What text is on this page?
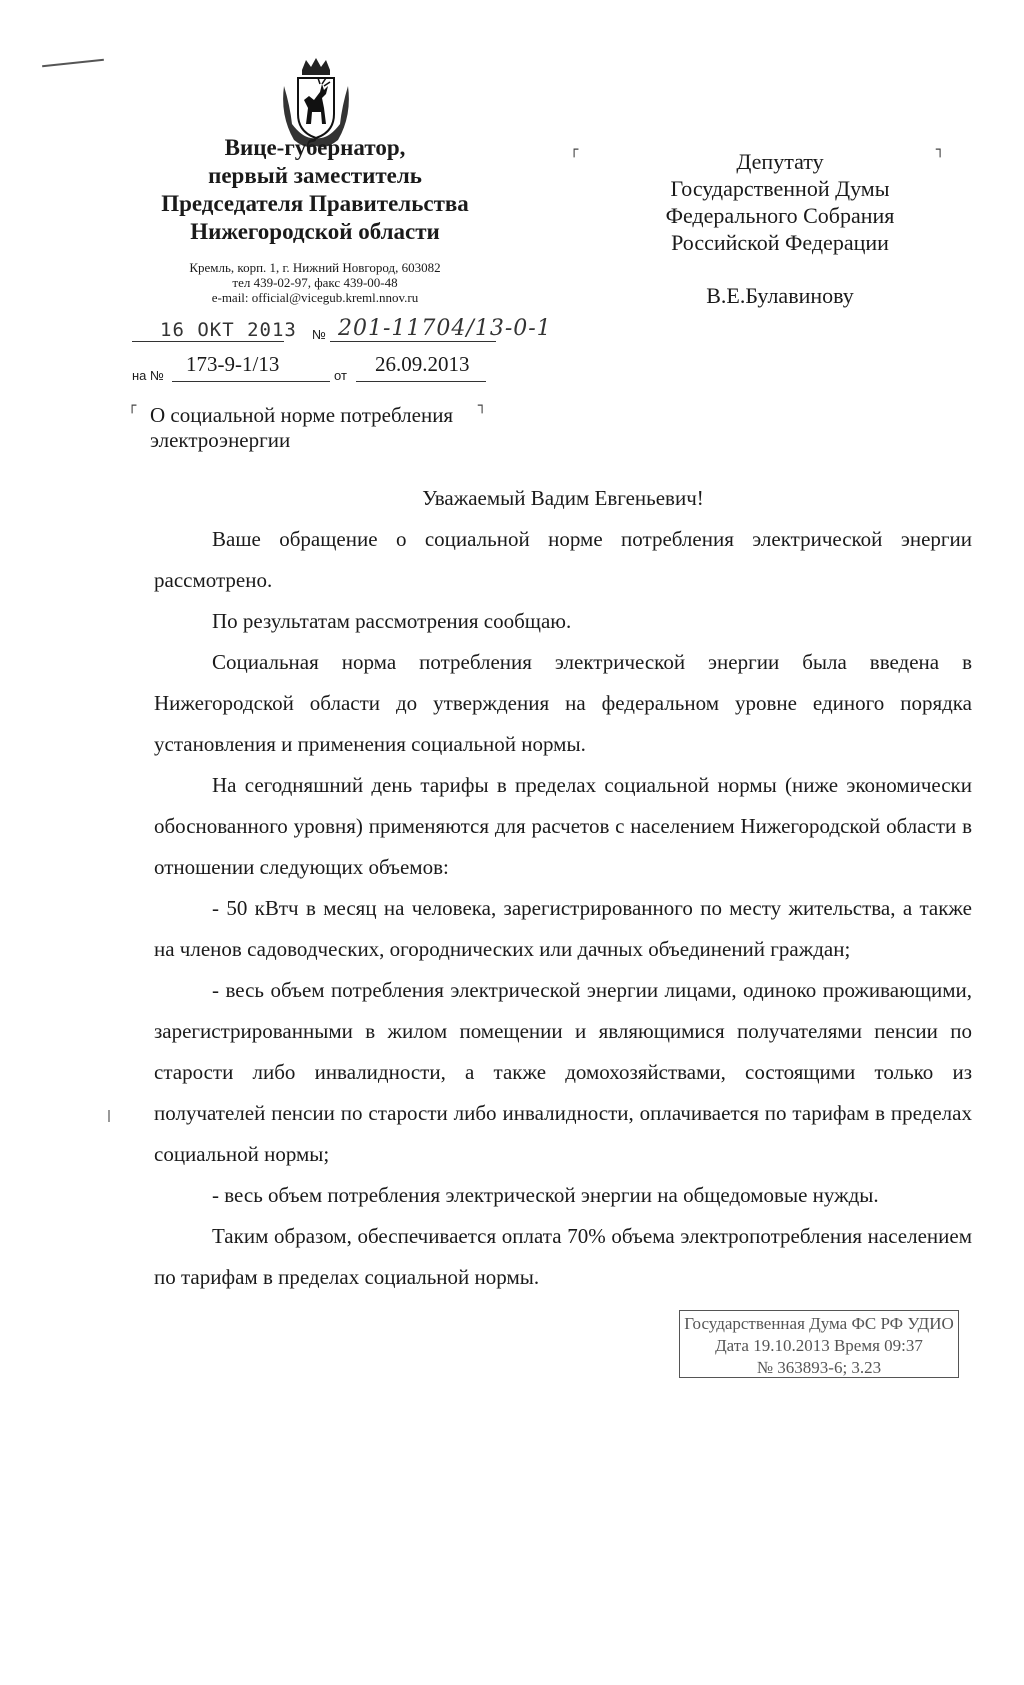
Вице-губернатор,
первый заместитель
Председателя Правительства
Нижегородской области
Кремль, корп. 1, г. Нижний Новгород, 603082
тел 439-02-97, факс 439-00-48
e-mail: official@vicegub.kreml.nnov.ru
┌	┐
Депутату
Государственной Думы
Федерального Собрания
Российской Федерации
В.Е.Булавинову
16 ОКТ 2013 № 201-11704/13-0-1
на № 173-9-1/13	от 26.09.2013
┌	┐
О социальной норме потребления
электроэнергии

Уважаемый Вадим Евгеньевич!

Ваше обращение о социальной норме потребления электрической энергии рассмотрено.

По результатам рассмотрения сообщаю.

Социальная норма потребления электрической энергии была введена в Нижегородской области до утверждения на федеральном уровне единого порядка установления и применения социальной нормы.

На сегодняшний день тарифы в пределах социальной нормы (ниже экономически обоснованного уровня) применяются для расчетов с населением Нижегородской области в отношении следующих объемов:

- 50 кВтч в месяц на человека, зарегистрированного по месту жительства, а также на членов садоводческих, огороднических или дачных объединений граждан;

- весь объем потребления электрической энергии лицами, одиноко проживающими, зарегистрированными в жилом помещении и являющимися получателями пенсии по старости либо инвалидности, а также домохозяйствами, состоящими только из получателей пенсии по старости либо инвалидности, оплачивается по тарифам в пределах социальной нормы;

- весь объем потребления электрической энергии на общедомовые нужды.

Таким образом, обеспечивается оплата 70% объема электропотребления населением по тарифам в пределах социальной нормы.

Государственная Дума ФС РФ УДИО
Дата 19.10.2013 Время 09:37
№ 363893-6; 3.23
